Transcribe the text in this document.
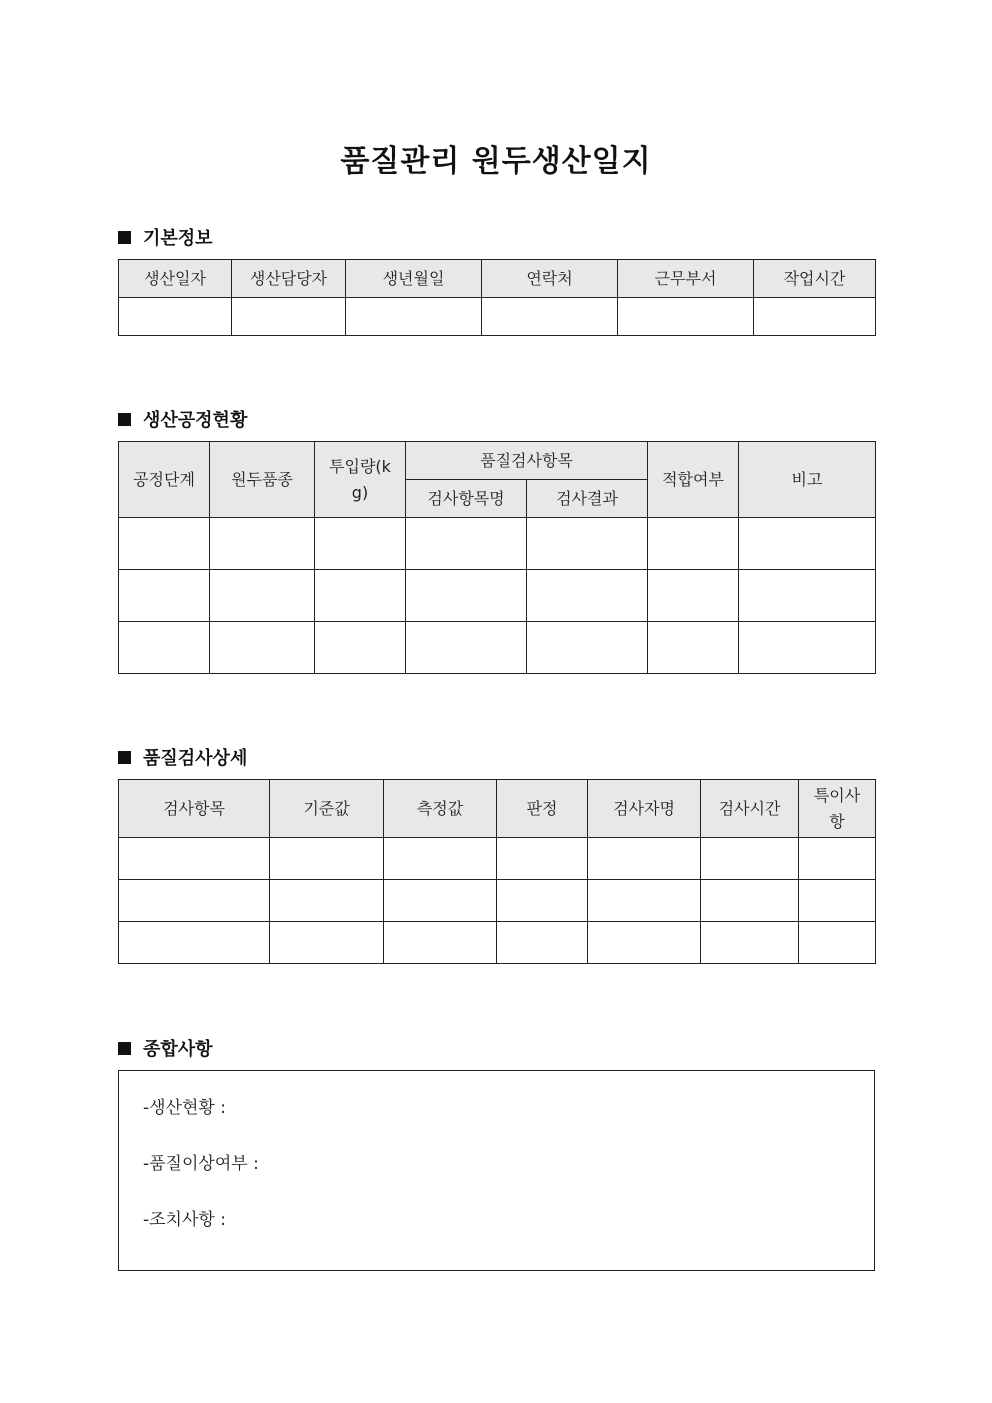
품질관리 원두생산일지
기본정보
생산일자	생산담당자	생년월일	연락처	근무부서	작업시간

생산공정현황
공정단계	원두품종	투입량(kg)	품질검사항목		적합여부	비고
			검사항목명	검사결과		

품질검사상세
검사항목	기준값	측정값	판정	검사자명	검사시간	특이사항

종합사항
-생산현황 :
-품질이상여부 :
-조치사항 :
